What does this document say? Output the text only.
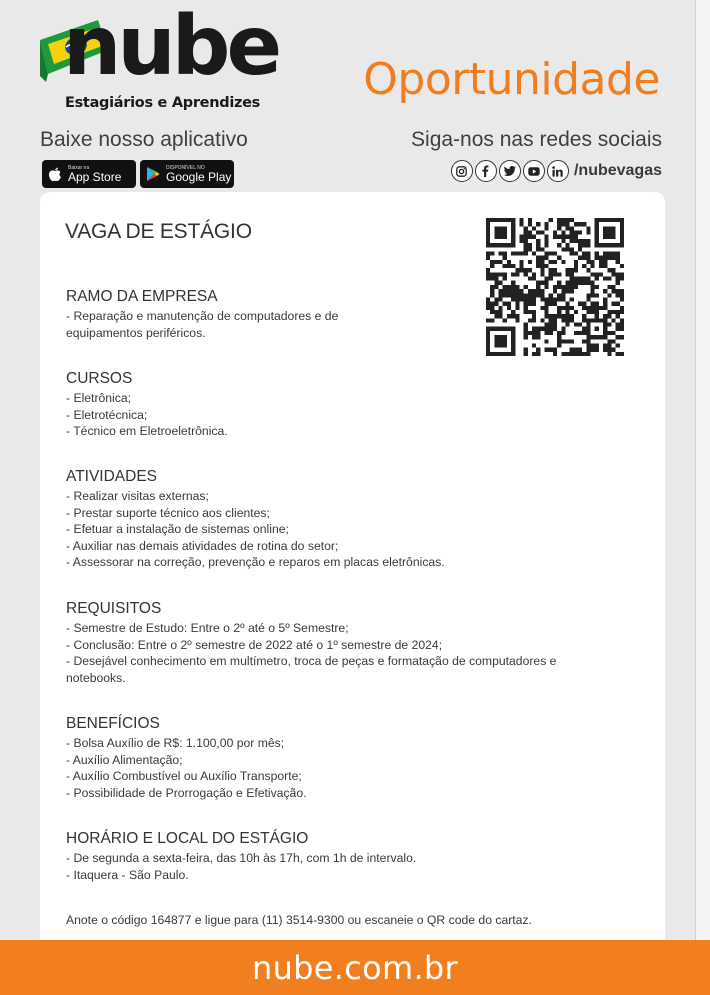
nube
Estagiários e Aprendizes Oportunidade
Baixe nosso aplicativo	Siga-nos nas redes sociais
Baixar na
App Store
DISPONÍVEL NO
Google Play	/nubevagas
VAGA DE ESTÁGIO
RAMO DA EMPRESA
- Reparação e manutenção de computadores e de
equipamentos periféricos.
CURSOS
- Eletrônica;
- Eletrotécnica;
- Técnico em Eletroeletrônica.
ATIVIDADES
- Realizar visitas externas;
- Prestar suporte técnico aos clientes;
- Efetuar a instalação de sistemas online;
- Auxiliar nas demais atividades de rotina do setor;
- Assessorar na correção, prevenção e reparos em placas eletrônicas.
REQUISITOS
- Semestre de Estudo: Entre o 2º até o 5º Semestre;
- Conclusão: Entre o 2º semestre de 2022 até o 1º semestre de 2024;
- Desejável conhecimento em multímetro, troca de peças e formatação de computadores e
notebooks.
BENEFÍCIOS
- Bolsa Auxílio de R$: 1.100,00 por mês;
- Auxílio Alimentação;
- Auxílio Combustível ou Auxílio Transporte;
- Possibilidade de Prorrogação e Efetivação.
HORÁRIO E LOCAL DO ESTÁGIO
- De segunda a sexta-feira, das 10h às 17h, com 1h de intervalo.
- Itaquera - São Paulo.
Anote o código 164877 e ligue para (11) 3514-9300 ou escaneie o QR code do cartaz.
nube.com.br
